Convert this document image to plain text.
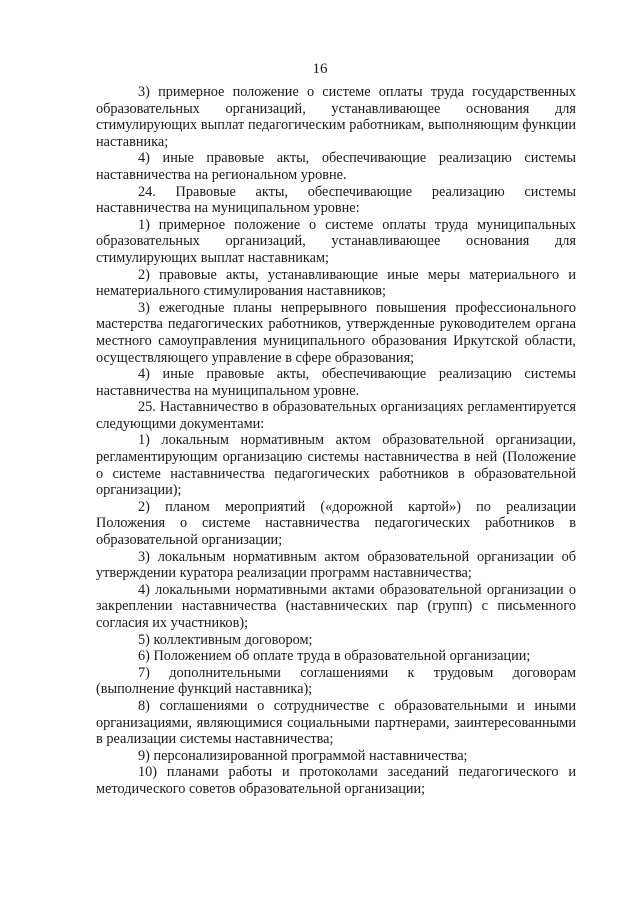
16

3) примерное положение о системе оплаты труда государственных образовательных организаций, устанавливающее основания для стимулирующих выплат педагогическим работникам, выполняющим функции наставника;

4) иные правовые акты, обеспечивающие реализацию системы наставничества на региональном уровне.

24. Правовые акты, обеспечивающие реализацию системы наставничества на муниципальном уровне:

1) примерное положение о системе оплаты труда муниципальных образовательных организаций, устанавливающее основания для стимулирующих выплат наставникам;

2) правовые акты, устанавливающие иные меры материального и нематериального стимулирования наставников;

3) ежегодные планы непрерывного повышения профессионального мастерства педагогических работников, утвержденные руководителем органа местного самоуправления муниципального образования Иркутской области, осуществляющего управление в сфере образования;

4) иные правовые акты, обеспечивающие реализацию системы наставничества на муниципальном уровне.

25. Наставничество в образовательных организациях регламентируется следующими документами:

1) локальным нормативным актом образовательной организации, регламентирующим организацию системы наставничества в ней (Положение о системе наставничества педагогических работников в образовательной организации);

2) планом мероприятий («дорожной картой») по реализации Положения о системе наставничества педагогических работников в образовательной организации;

3) локальным нормативным актом образовательной организации об утверждении куратора реализации программ наставничества;

4) локальными нормативными актами образовательной организации о закреплении наставничества (наставнических пар (групп) с письменного согласия их участников);

5) коллективным договором;

6) Положением об оплате труда в образовательной организации;

7) дополнительными соглашениями к трудовым договорам (выполнение функций наставника);

8) соглашениями о сотрудничестве с образовательными и иными организациями, являющимися социальными партнерами, заинтересованными в реализации системы наставничества;

9) персонализированной программой наставничества;

10) планами работы и протоколами заседаний педагогического и методического советов образовательной организации;
